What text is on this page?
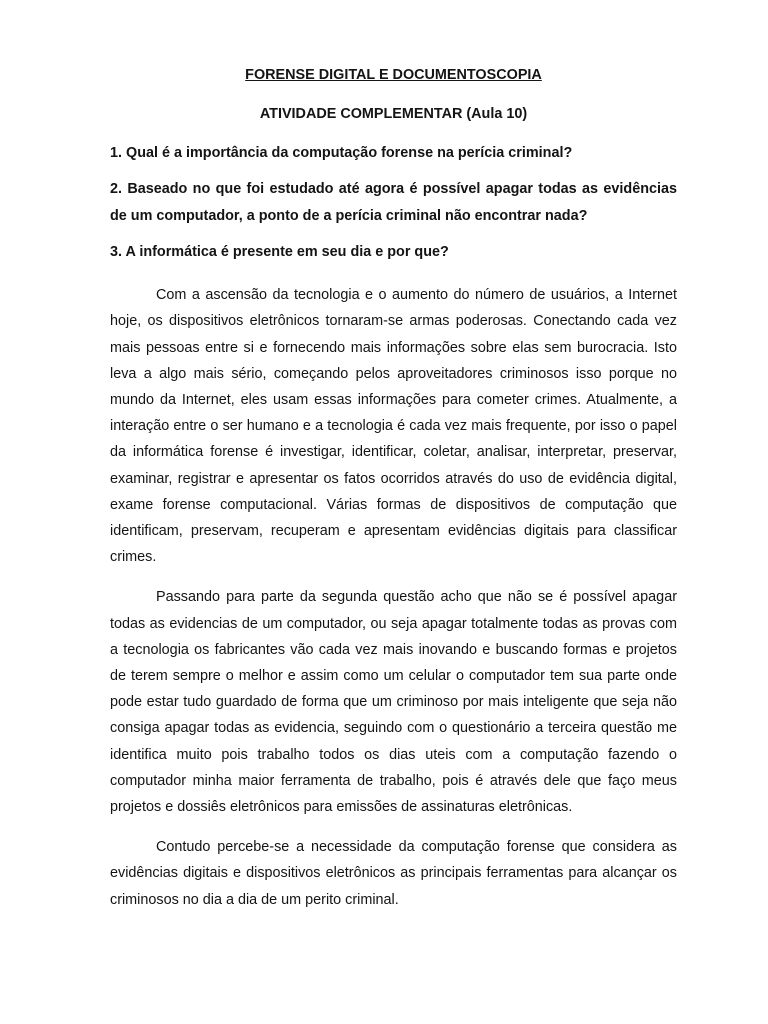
FORENSE DIGITAL E DOCUMENTOSCOPIA
ATIVIDADE COMPLEMENTAR (Aula 10)

1. Qual é a importância da computação forense na perícia criminal?

2. Baseado no que foi estudado até agora é possível apagar todas as evidências de um computador, a ponto de a perícia criminal não encontrar nada?

3. A informática é presente em seu dia e por que?

Com a ascensão da tecnologia e o aumento do número de usuários, a Internet hoje, os dispositivos eletrônicos tornaram-se armas poderosas. Conectando cada vez mais pessoas entre si e fornecendo mais informações sobre elas sem burocracia. Isto leva a algo mais sério, começando pelos aproveitadores criminosos isso porque no mundo da Internet, eles usam essas informações para cometer crimes. Atualmente, a interação entre o ser humano e a tecnologia é cada vez mais frequente, por isso o papel da informática forense é investigar, identificar, coletar, analisar, interpretar, preservar, examinar, registrar e apresentar os fatos ocorridos através do uso de evidência digital, exame forense computacional. Várias formas de dispositivos de computação que identificam, preservam, recuperam e apresentam evidências digitais para classificar crimes.

Passando para parte da segunda questão acho que não se é possível apagar todas as evidencias de um computador, ou seja apagar totalmente todas as provas com a tecnologia os fabricantes vão cada vez mais inovando e buscando formas e projetos de terem sempre o melhor e assim como um celular o computador tem sua parte onde pode estar tudo guardado de forma que um criminoso por mais inteligente que seja não consiga apagar todas as evidencia, seguindo com o questionário a terceira questão me identifica muito pois trabalho todos os dias uteis com a computação fazendo o computador minha maior ferramenta de trabalho, pois é através dele que faço meus projetos e dossiês eletrônicos para emissões de assinaturas eletrônicas.

Contudo percebe-se a necessidade da computação forense que considera as evidências digitais e dispositivos eletrônicos as principais ferramentas para alcançar os criminosos no dia a dia de um perito criminal.
